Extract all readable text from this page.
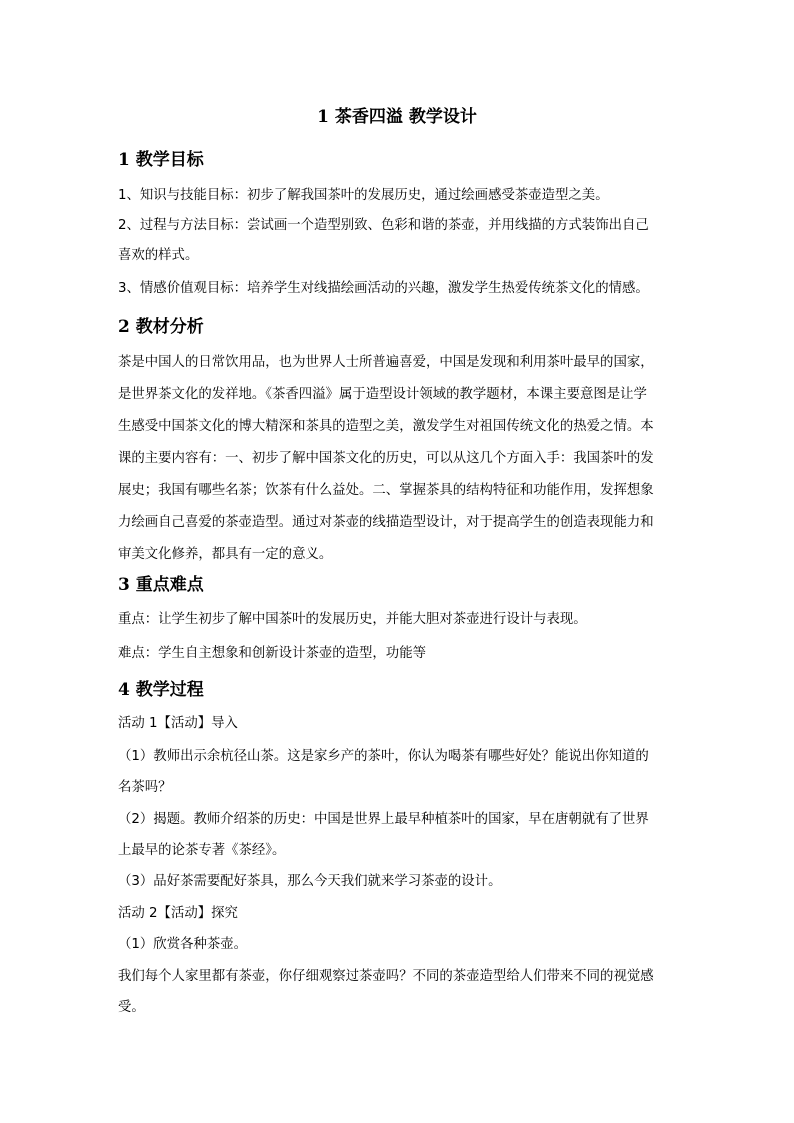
1 茶香四溢 教学设计
1 教学目标
1、知识与技能目标：初步了解我国茶叶的发展历史，通过绘画感受茶壶造型之美。
2、过程与方法目标：尝试画一个造型别致、色彩和谐的茶壶，并用线描的方式装饰出自己
喜欢的样式。
3、情感价值观目标：培养学生对线描绘画活动的兴趣，激发学生热爱传统茶文化的情感。
2 教材分析
茶是中国人的日常饮用品，也为世界人士所普遍喜爱，中国是发现和利用茶叶最早的国家，
是世界茶文化的发祥地。《茶香四溢》属于造型设计领域的教学题材，本课主要意图是让学
生感受中国茶文化的博大精深和茶具的造型之美，激发学生对祖国传统文化的热爱之情。本
课的主要内容有：一、初步了解中国茶文化的历史，可以从这几个方面入手：我国茶叶的发
展史；我国有哪些名茶；饮茶有什么益处。二、掌握茶具的结构特征和功能作用，发挥想象
力绘画自己喜爱的茶壶造型。通过对茶壶的线描造型设计，对于提高学生的创造表现能力和
审美文化修养，都具有一定的意义。
3 重点难点
重点：让学生初步了解中国茶叶的发展历史，并能大胆对茶壶进行设计与表现。
难点：学生自主想象和创新设计茶壶的造型，功能等
4 教学过程
活动 1【活动】导入
（1）教师出示余杭径山茶。这是家乡产的茶叶，你认为喝茶有哪些好处？能说出你知道的
名茶吗？
（2）揭题。教师介绍茶的历史：中国是世界上最早种植茶叶的国家，早在唐朝就有了世界
上最早的论茶专著《茶经》。
（3）品好茶需要配好茶具，那么今天我们就来学习茶壶的设计。
活动 2【活动】探究
（1）欣赏各种茶壶。
我们每个人家里都有茶壶，你仔细观察过茶壶吗？不同的茶壶造型给人们带来不同的视觉感
受。
